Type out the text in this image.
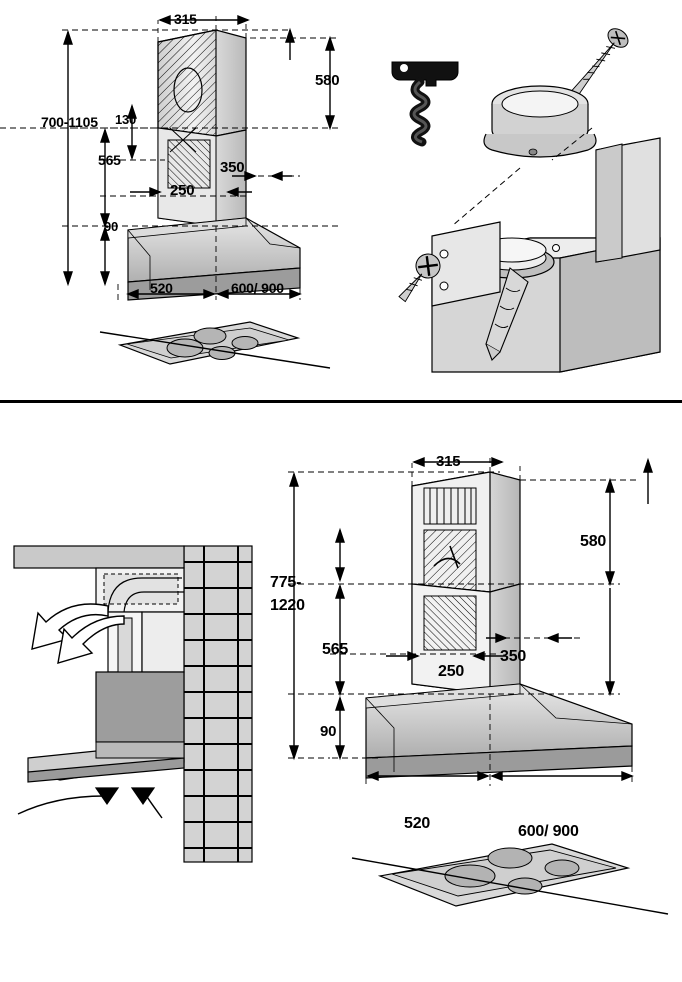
315
580
700-1105 130
565	350
250
90
520	600/ 900
315
580
775-
1220
565	350
250
90
520	600/ 900
